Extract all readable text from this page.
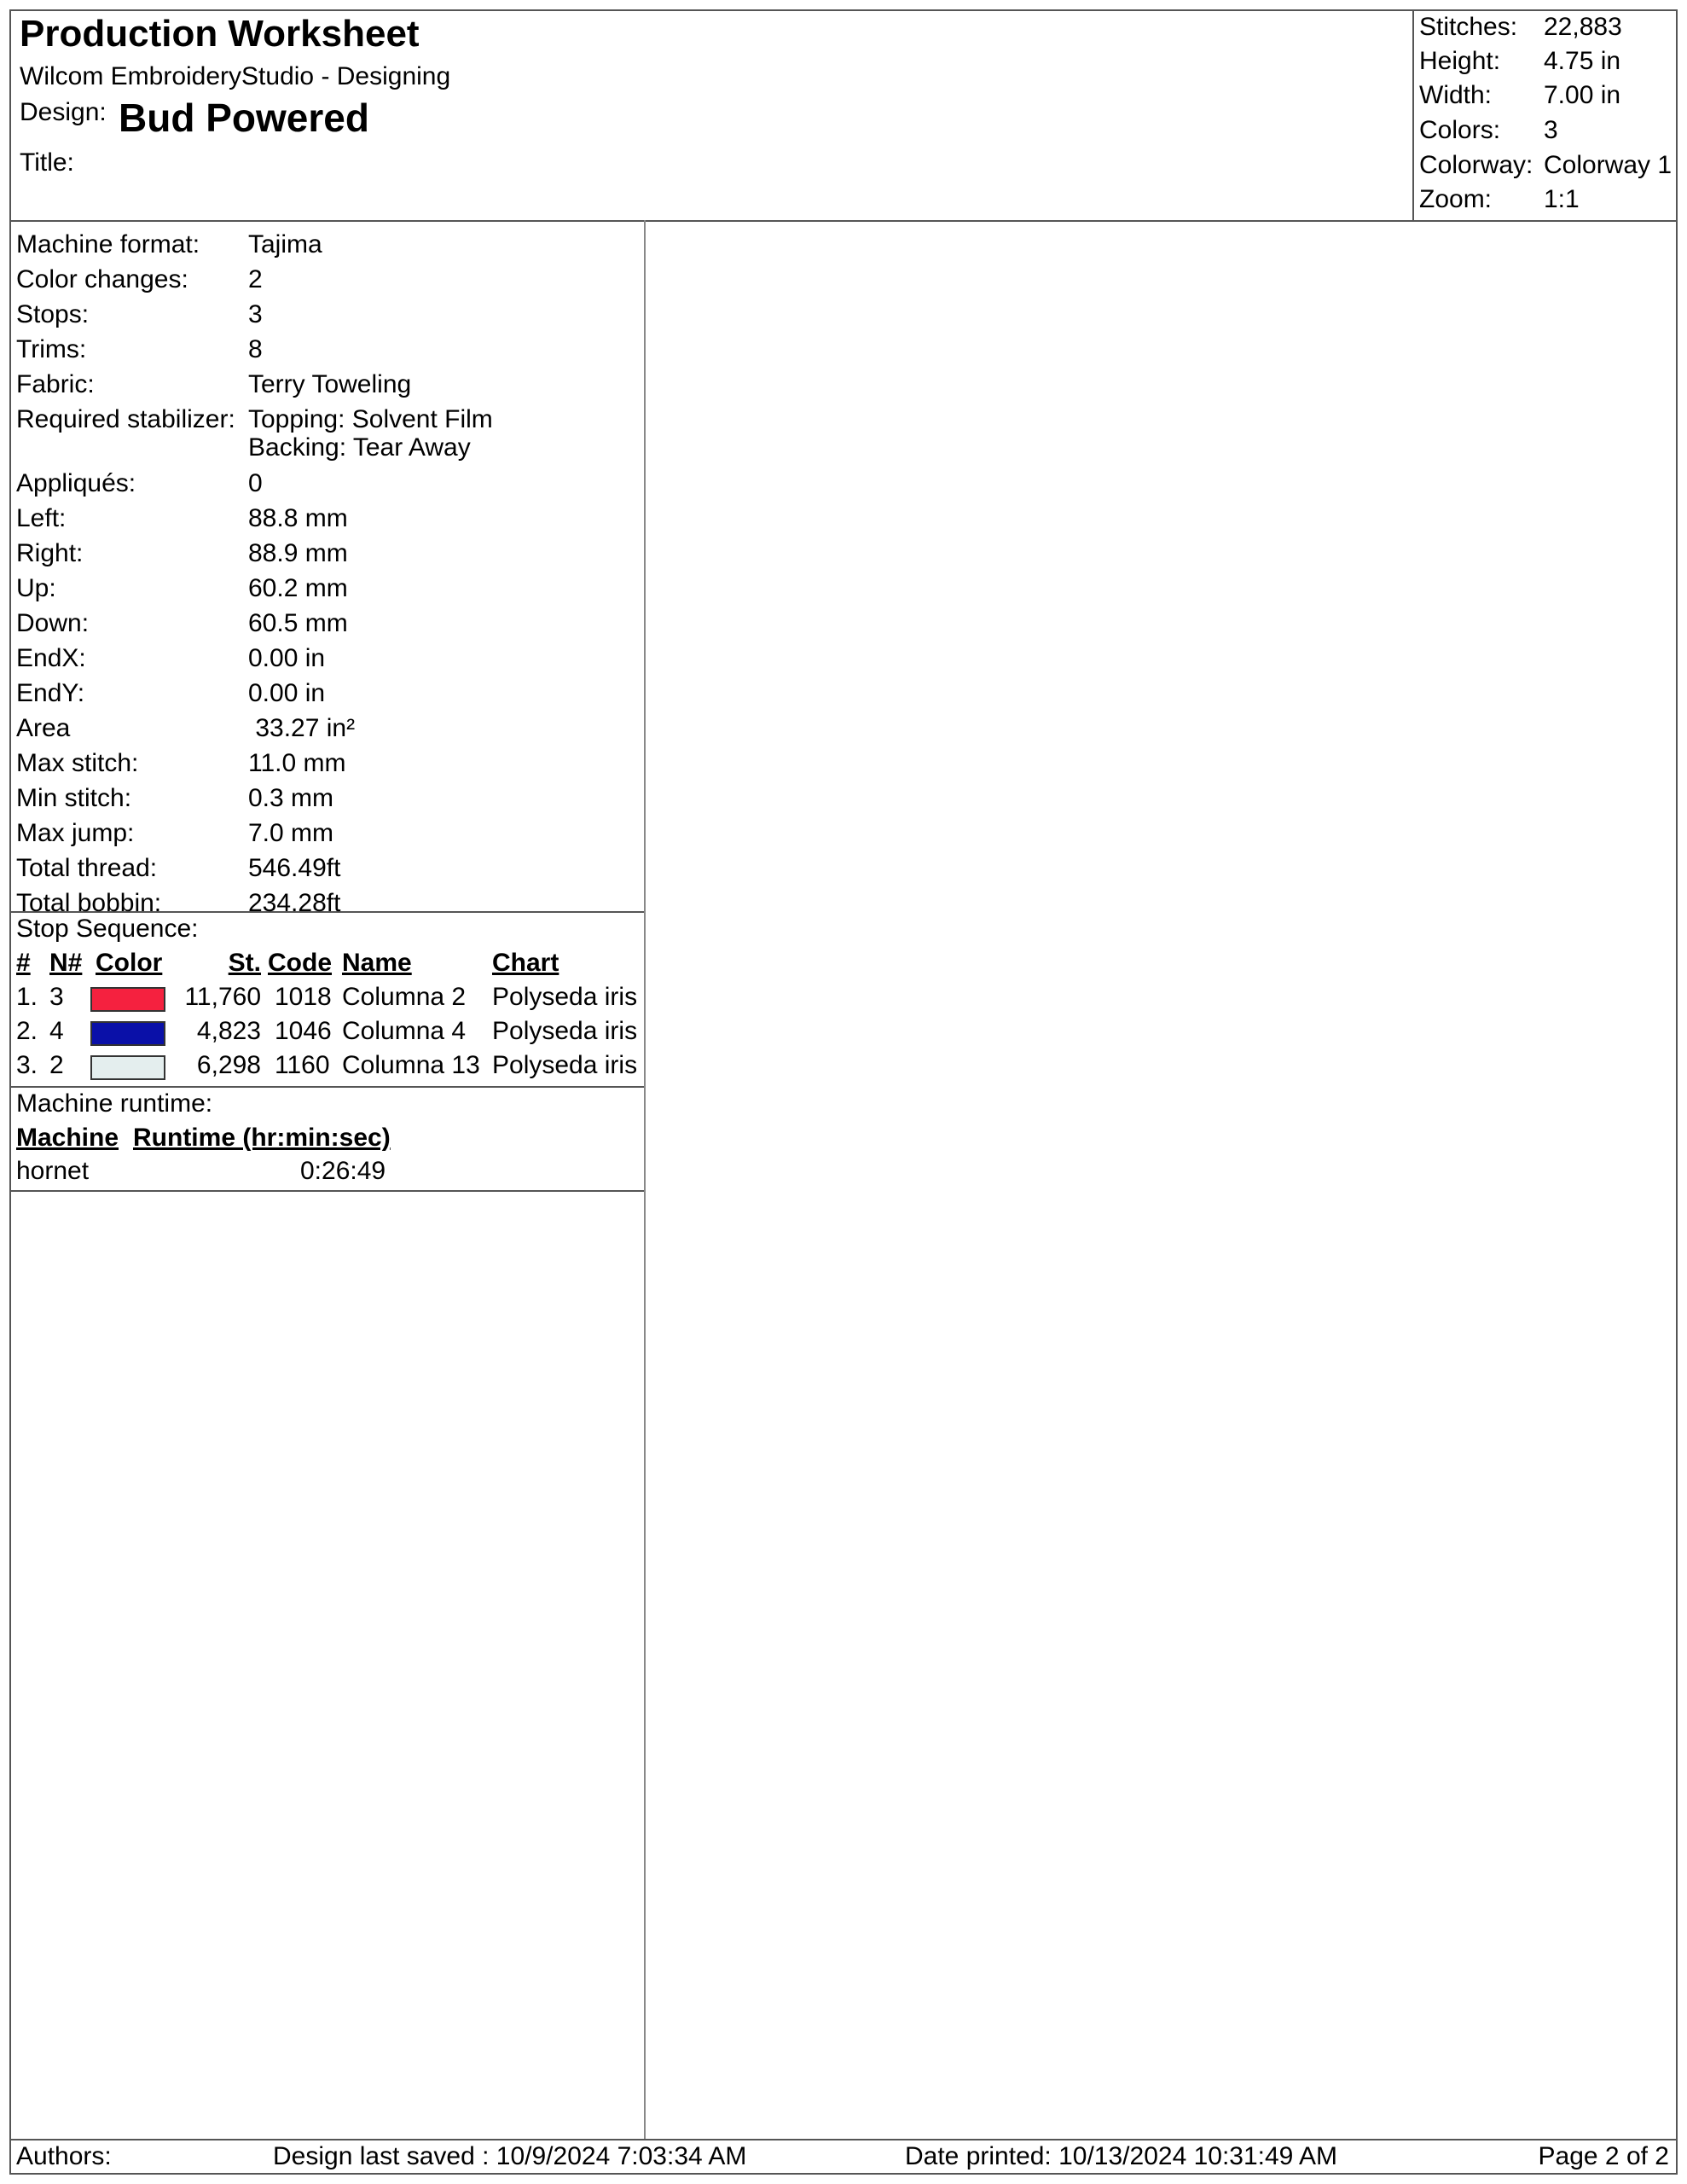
Production Worksheet
Wilcom EmbroideryStudio - Designing
Design: Bud Powered
Title:
Stitches: 22,883
Height: 4.75 in
Width: 7.00 in
Colors: 3
Colorway: Colorway 1
Zoom: 1:1
Machine format: Tajima
Color changes: 2
Stops:	3
Trims:	8
Fabric:	Terry Toweling
Required stabilizer: Topping: Solvent Film
Backing: Tear Away
Appliqués:	0
Left:	88.8 mm
Right:	88.9 mm
Up:	60.2 mm
Down:	60.5 mm
EndX:	0.00 in
EndY:	0.00 in
Area	33.27 in²
Max stitch:	11.0 mm
Min stitch:	0.3 mm
Max jump:	7.0 mm
Total thread:	546.49ft
Total bobbin:	234.28ft
Stop Sequence:
# N# Color	St. Code Name	Chart
1. 3	11,760 1018 Columna 2 Polyseda iris
2. 4	4,823 1046 Columna 4 Polyseda iris
3. 2	6,298 1160 Columna 13 Polyseda iris
Machine runtime:
Machine Runtime (hr:min:sec)
hornet	0:26:49
Authors:	Design last saved : 10/9/2024 7:03:34 AM	Date printed: 10/13/2024 10:31:49 AM	Page 2 of 2
